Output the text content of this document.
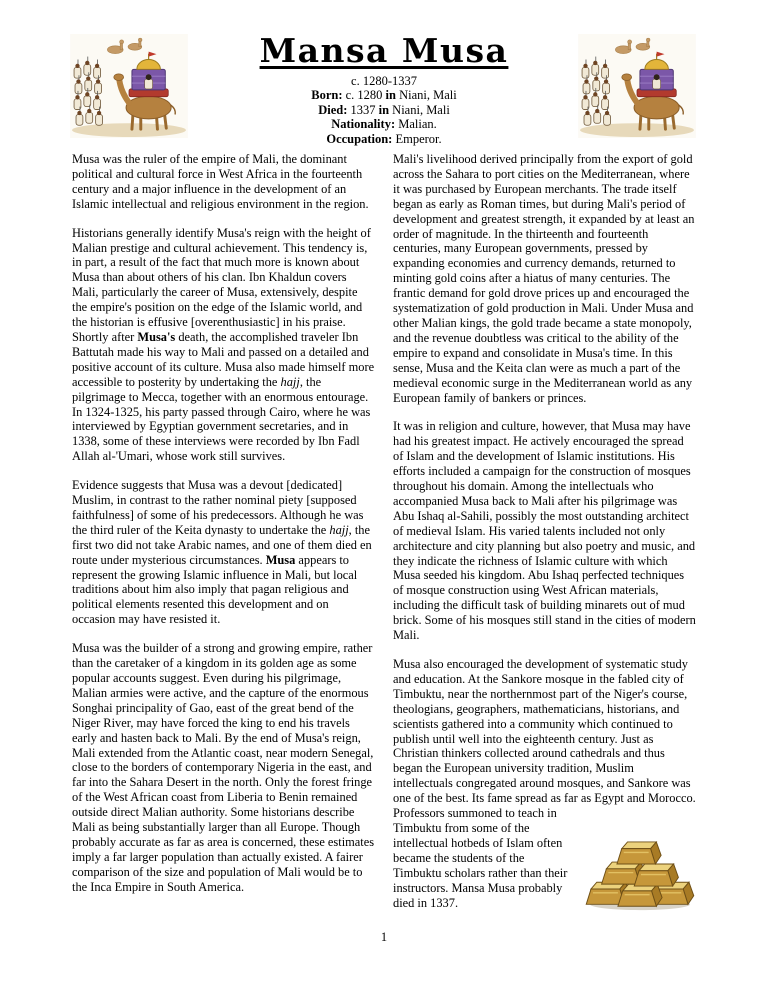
Mansa Musa
c. 1280-1337
Born: c. 1280 in Niani, Mali
Died: 1337 in Niani, Mali
Nationality: Malian.
Occupation: Emperor.

Musa was the ruler of the empire of Mali, the dominant political and cultural force in West Africa in the fourteenth century and a major influence in the development of an Islamic intellectual and religious environment in the region.

Historians generally identify Musa's reign with the height of Malian prestige and cultural achievement. This tendency is, in part, a result of the fact that much more is known about Musa than about others of his clan. Ibn Khaldun covers Mali, particularly the career of Musa, extensively, despite the empire's position on the edge of the Islamic world, and the historian is effusive [overenthusiastic] in his praise. Shortly after Musa's death, the accomplished traveler Ibn Battutah made his way to Mali and passed on a detailed and positive account of its culture. Musa also made himself more accessible to posterity by undertaking the hajj, the pilgrimage to Mecca, together with an enormous entourage. In 1324-1325, his party passed through Cairo, where he was interviewed by Egyptian government secretaries, and in 1338, some of these interviews were recorded by Ibn Fadl Allah al-'Umari, whose work still survives.

Evidence suggests that Musa was a devout [dedicated] Muslim, in contrast to the rather nominal piety [supposed faithfulness] of some of his predecessors. Although he was the third ruler of the Keita dynasty to undertake the hajj, the first two did not take Arabic names, and one of them died en route under mysterious circumstances. Musa appears to represent the growing Islamic influence in Mali, but local traditions about him also imply that pagan religious and political elements resented this development and on occasion may have resisted it.

Musa was the builder of a strong and growing empire, rather than the caretaker of a kingdom in its golden age as some popular accounts suggest. Even during his pilgrimage, Malian armies were active, and the capture of the enormous Songhai principality of Gao, east of the great bend of the Niger River, may have forced the king to end his travels early and hasten back to Mali. By the end of Musa's reign, Mali extended from the Atlantic coast, near modern Senegal, close to the borders of contemporary Nigeria in the east, and far into the Sahara Desert in the north. Only the forest fringe of the West African coast from Liberia to Benin remained outside direct Malian authority. Some historians describe Mali as being substantially larger than all Europe. Though probably accurate as far as area is concerned, these estimates imply a far larger population than actually existed. A fairer comparison of the size and population of Mali would be to the Inca Empire in South America.

Mali's livelihood derived principally from the export of gold across the Sahara to port cities on the Mediterranean, where it was purchased by European merchants. The trade itself began as early as Roman times, but during Mali's period of development and greatest strength, it expanded by at least an order of magnitude. In the thirteenth and fourteenth centuries, many European governments, pressed by expanding economies and currency demands, returned to minting gold coins after a hiatus of many centuries. The frantic demand for gold drove prices up and encouraged the systematization of gold production in Mali. Under Musa and other Malian kings, the gold trade became a state monopoly, and the revenue doubtless was critical to the ability of the empire to expand and consolidate in Musa's time. In this sense, Musa and the Keita clan were as much a part of the medieval economic surge in the Mediterranean world as any European family of bankers or princes.

It was in religion and culture, however, that Musa may have had his greatest impact. He actively encouraged the spread of Islam and the development of Islamic institutions. His efforts included a campaign for the construction of mosques throughout his domain. Among the intellectuals who accompanied Musa back to Mali after his pilgrimage was Abu Ishaq al-Sahili, possibly the most outstanding architect of medieval Islam. His varied talents included not only architecture and city planning but also poetry and music, and they indicate the richness of Islamic culture with which Musa seeded his kingdom. Abu Ishaq perfected techniques of mosque construction using West African materials, including the difficult task of building minarets out of mud brick. Some of his mosques still stand in the cities of modern Mali.

Musa also encouraged the development of systematic study and education. At the Sankore mosque in the fabled city of Timbuktu, near the northernmost part of the Niger's course, theologians, geographers, mathematicians, historians, and scientists gathered into a community which continued to publish until well into the eighteenth century. Just as Christian thinkers collected around cathedrals and thus began the European university tradition, Muslim intellectuals congregated around mosques, and Sankore was one of the best. Its fame spread as far as Egypt and Morocco. Professors summoned to teach in Timbuktu from some of the intellectual hotbeds of Islam often became the students of the Timbuktu scholars rather than their instructors. Mansa Musa probably died in 1337.

1
